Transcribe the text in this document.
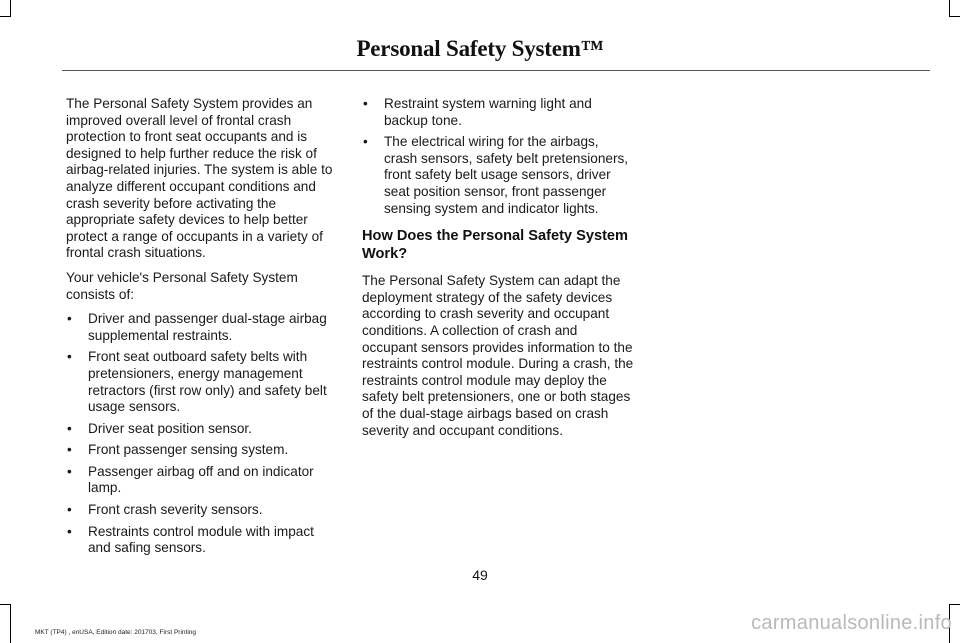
Personal Safety System™

The Personal Safety System provides an improved overall level of frontal crash protection to front seat occupants and is designed to help further reduce the risk of airbag-related injuries. The system is able to analyze different occupant conditions and crash severity before activating the appropriate safety devices to help better protect a range of occupants in a variety of frontal crash situations.

Your vehicle's Personal Safety System consists of:

• Driver and passenger dual-stage airbag supplemental restraints.
• Front seat outboard safety belts with pretensioners, energy management retractors (first row only) and safety belt usage sensors.
• Driver seat position sensor.
• Front passenger sensing system.
• Passenger airbag off and on indicator lamp.
• Front crash severity sensors.
• Restraints control module with impact and safing sensors.
• Restraint system warning light and backup tone.
• The electrical wiring for the airbags, crash sensors, safety belt pretensioners, front safety belt usage sensors, driver seat position sensor, front passenger sensing system and indicator lights.
How Does the Personal Safety System Work?

The Personal Safety System can adapt the deployment strategy of the safety devices according to crash severity and occupant conditions. A collection of crash and occupant sensors provides information to the restraints control module. During a crash, the restraints control module may deploy the safety belt pretensioners, one or both stages of the dual-stage airbags based on crash severity and occupant conditions.

49
MKT (TP4) , enUSA, Edition date: 201703, First Printing	carmanualsonline.info
